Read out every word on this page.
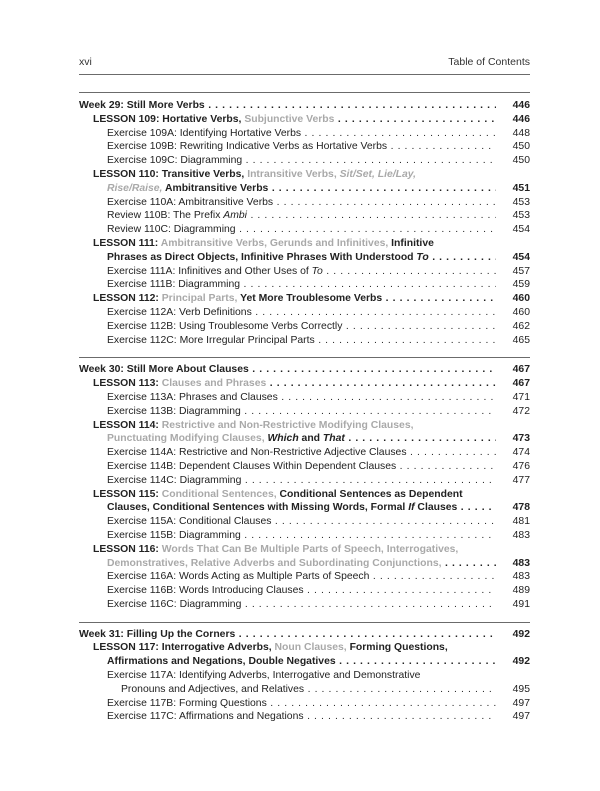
xvi	Table of Contents
Week 29: Still More Verbs . . .	446
LESSON 109: Hortative Verbs, Subjunctive Verbs . . .	446
Exercise 109A: Identifying Hortative Verbs . . .	448
Exercise 109B: Rewriting Indicative Verbs as Hortative Verbs . . .	450
Exercise 109C: Diagramming . . .	450
LESSON 110: Transitive Verbs, Intransitive Verbs, Sit/Set, Lie/Lay,
Rise/Raise, Ambitransitive Verbs . . .	451
Exercise 110A: Ambitransitive Verbs . . .	453
Review 110B: The Prefix Ambi . . .	453
Review 110C: Diagramming . . .	454
LESSON 111: Ambitransitive Verbs, Gerunds and Infinitives, Infinitive
Phrases as Direct Objects, Infinitive Phrases With Understood To . . .	454
Exercise 111A: Infinitives and Other Uses of To . . .	457
Exercise 111B: Diagramming . . .	459
LESSON 112: Principal Parts, Yet More Troublesome Verbs . . .	460
Exercise 112A: Verb Definitions . . .	460
Exercise 112B: Using Troublesome Verbs Correctly . . .	462
Exercise 112C: More Irregular Principal Parts . . .	465
Week 30: Still More About Clauses . . .	467
LESSON 113: Clauses and Phrases . . .	467
Exercise 113A: Phrases and Clauses . . .	471
Exercise 113B: Diagramming . . .	472
LESSON 114: Restrictive and Non-Restrictive Modifying Clauses,
Punctuating Modifying Clauses, Which and That . . .	473
Exercise 114A: Restrictive and Non-Restrictive Adjective Clauses . . .	474
Exercise 114B: Dependent Clauses Within Dependent Clauses . . .	476
Exercise 114C: Diagramming . . .	477
LESSON 115: Conditional Sentences, Conditional Sentences as Dependent
Clauses, Conditional Sentences with Missing Words, Formal If Clauses . . .	478
Exercise 115A: Conditional Clauses . . .	481
Exercise 115B: Diagramming . . .	483
LESSON 116: Words That Can Be Multiple Parts of Speech, Interrogatives,
Demonstratives, Relative Adverbs and Subordinating Conjunctions, . . .	483
Exercise 116A: Words Acting as Multiple Parts of Speech . . .	483
Exercise 116B: Words Introducing Clauses . . .	489
Exercise 116C: Diagramming . . .	491
Week 31: Filling Up the Corners . . .	492
LESSON 117: Interrogative Adverbs, Noun Clauses, Forming Questions,
Affirmations and Negations, Double Negatives . . .	492
Exercise 117A: Identifying Adverbs, Interrogative and Demonstrative
Pronouns and Adjectives, and Relatives . . .	495
Exercise 117B: Forming Questions . . .	497
Exercise 117C: Affirmations and Negations . . .	497
